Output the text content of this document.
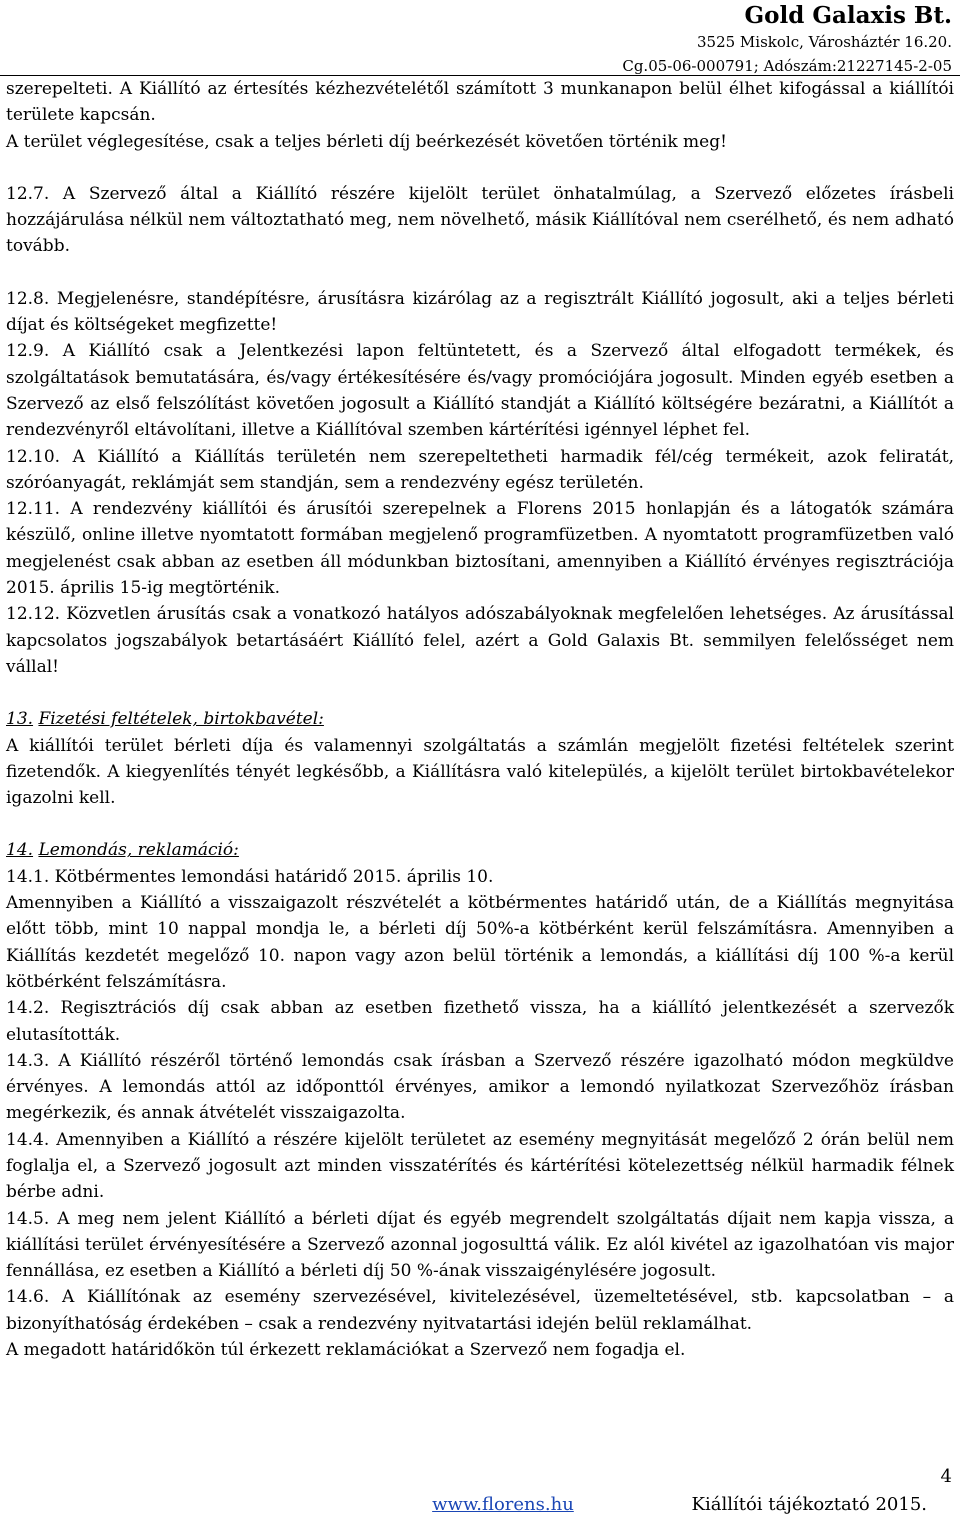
Gold Galaxis Bt.
3525 Miskolc, Városháztér 16.20.
Cg.05-06-000791; Adószám:21227145-2-05

szerepelteti. A Kiállító az értesítés kézhezvételétől számított 3 munkanapon belül élhet kifogással a kiállítói területe kapcsán.

A terület véglegesítése, csak a teljes bérleti díj beérkezését követően történik meg!

12.7. A Szervező által a Kiállító részére kijelölt terület önhatalmúlag, a Szervező előzetes írásbeli hozzájárulása nélkül nem változtatható meg, nem növelhető, másik Kiállítóval nem cserélhető, és nem adható tovább.

12.8. Megjelenésre, standépítésre, árusításra kizárólag az a regisztrált Kiállító jogosult, aki a teljes bérleti díjat és költségeket megfizette!

12.9. A Kiállító csak a Jelentkezési lapon feltüntetett, és a Szervező által elfogadott termékek, és szolgáltatások bemutatására, és/vagy értékesítésére és/vagy promóciójára jogosult. Minden egyéb esetben a Szervező az első felszólítást követően jogosult a Kiállító standját a Kiállító költségére bezáratni, a Kiállítót a rendezvényről eltávolítani, illetve a Kiállítóval szemben kártérítési igénnyel léphet fel.

12.10. A Kiállító a Kiállítás területén nem szerepeltetheti harmadik fél/cég termékeit, azok feliratát, szóróanyagát, reklámját sem standján, sem a rendezvény egész területén.

12.11. A rendezvény kiállítói és árusítói szerepelnek a Florens 2015 honlapján és a látogatók számára készülő, online illetve nyomtatott formában megjelenő programfüzetben. A nyomtatott programfüzetben való megjelenést csak abban az esetben áll módunkban biztosítani, amennyiben a Kiállító érvényes regisztrációja 2015. április 15-ig megtörténik.

12.12. Közvetlen árusítás csak a vonatkozó hatályos adószabályoknak megfelelően lehetséges. Az árusítással kapcsolatos jogszabályok betartásáért Kiállító felel, azért a Gold Galaxis Bt. semmilyen felelősséget nem vállal!

13. Fizetési feltételek, birtokbavétel:

A kiállítói terület bérleti díja és valamennyi szolgáltatás a számlán megjelölt fizetési feltételek szerint fizetendők. A kiegyenlítés tényét legkésőbb, a Kiállításra való kitelepülés, a kijelölt terület birtokbavételekor igazolni kell.

14. Lemondás, reklamáció:

14.1. Kötbérmentes lemondási határidő 2015. április 10.

Amennyiben a Kiállító a visszaigazolt részvételét a kötbérmentes határidő után, de a Kiállítás megnyitása előtt több, mint 10 nappal mondja le, a bérleti díj 50%-a kötbérként kerül felszámításra. Amennyiben a Kiállítás kezdetét megelőző 10. napon vagy azon belül történik a lemondás, a kiállítási díj 100 %-a kerül kötbérként felszámításra.

14.2. Regisztrációs díj csak abban az esetben fizethető vissza, ha a kiállító jelentkezését a szervezők elutasították.

14.3. A Kiállító részéről történő lemondás csak írásban a Szervező részére igazolható módon megküldve érvényes. A lemondás attól az időponttól érvényes, amikor a lemondó nyilatkozat Szervezőhöz írásban megérkezik, és annak átvételét visszaigazolta.

14.4. Amennyiben a Kiállító a részére kijelölt területet az esemény megnyitását megelőző 2 órán belül nem foglalja el, a Szervező jogosult azt minden visszatérítés és kártérítési kötelezettség nélkül harmadik félnek bérbe adni.

14.5. A meg nem jelent Kiállító a bérleti díjat és egyéb megrendelt szolgáltatás díjait nem kapja vissza, a kiállítási terület érvényesítésére a Szervező azonnal jogosulttá válik. Ez alól kivétel az igazolhatóan vis major fennállása, ez esetben a Kiállító a bérleti díj 50 %-ának visszaigénylésére jogosult.

14.6. A Kiállítónak az esemény szervezésével, kivitelezésével, üzemeltetésével, stb. kapcsolatban – a bizonyíthatóság érdekében – csak a rendezvény nyitvatartási idején belül reklamálhat.

A megadott határidőkön túl érkezett reklamációkat a Szervező nem fogadja el.

4
www.florens.hu	Kiállítói tájékoztató 2015.
